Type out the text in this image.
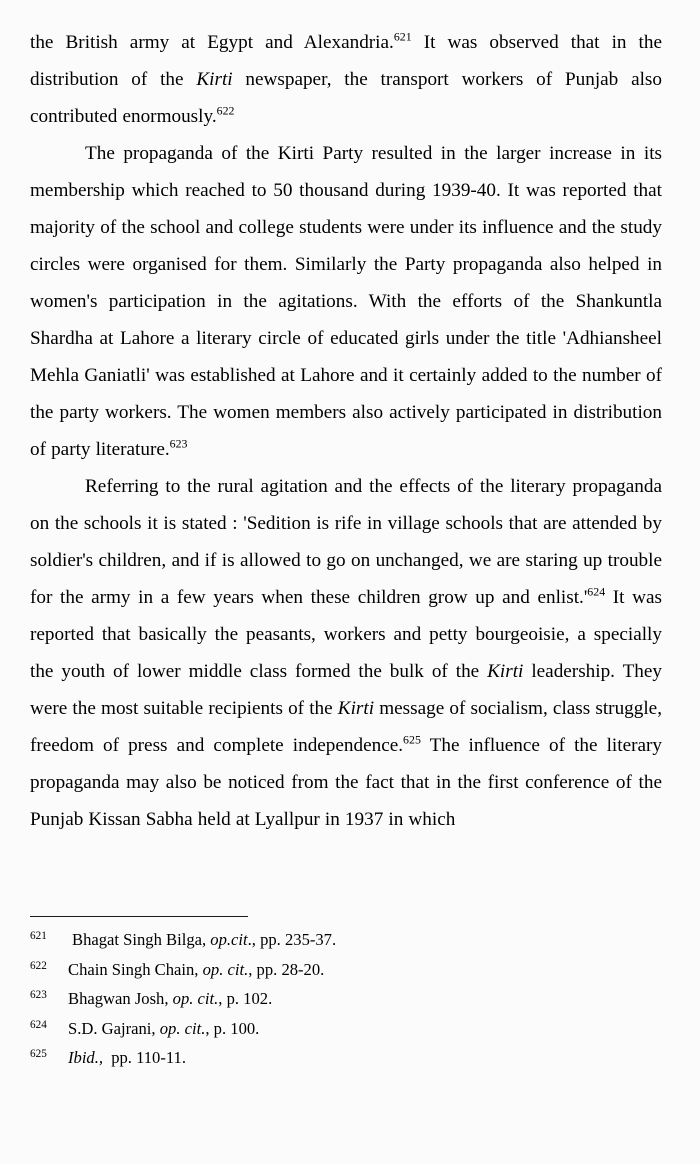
the British army at Egypt and Alexandria.$^{621}$ It was observed that in the distribution of the Kirti newspaper, the transport workers of Punjab also contributed enormously.$^{622}$

The propaganda of the Kirti Party resulted in the larger increase in its membership which reached to 50 thousand during 1939-40. It was reported that majority of the school and college students were under its influence and the study circles were organised for them. Similarly the Party propaganda also helped in women's participation in the agitations. With the efforts of the Shankuntla Shardha at Lahore a literary circle of educated girls under the title 'Adhiansheel Mehla Ganiatli' was established at Lahore and it certainly added to the number of the party workers. The women members also actively participated in distribution of party literature.$^{623}$

Referring to the rural agitation and the effects of the literary propaganda on the schools it is stated : 'Sedition is rife in village schools that are attended by soldier's children, and if is allowed to go on unchanged, we are staring up trouble for the army in a few years when these children grow up and enlist.'$^{624}$ It was reported that basically the peasants, workers and petty bourgeoisie, a specially the youth of lower middle class formed the bulk of the Kirti leadership. They were the most suitable recipients of the Kirti message of socialism, class struggle, freedom of press and complete independence.$^{625}$ The influence of the literary propaganda may also be noticed from the fact that in the first conference of the Punjab Kissan Sabha held at Lyallpur in 1937 in which

621 Bhagat Singh Bilga, op.cit., pp. 235-37.
622 Chain Singh Chain, op. cit., pp. 28-20.
623 Bhagwan Josh, op. cit., p. 102.
624 S.D. Gajrani, op. cit., p. 100.
625 Ibid., pp. 110-11.
